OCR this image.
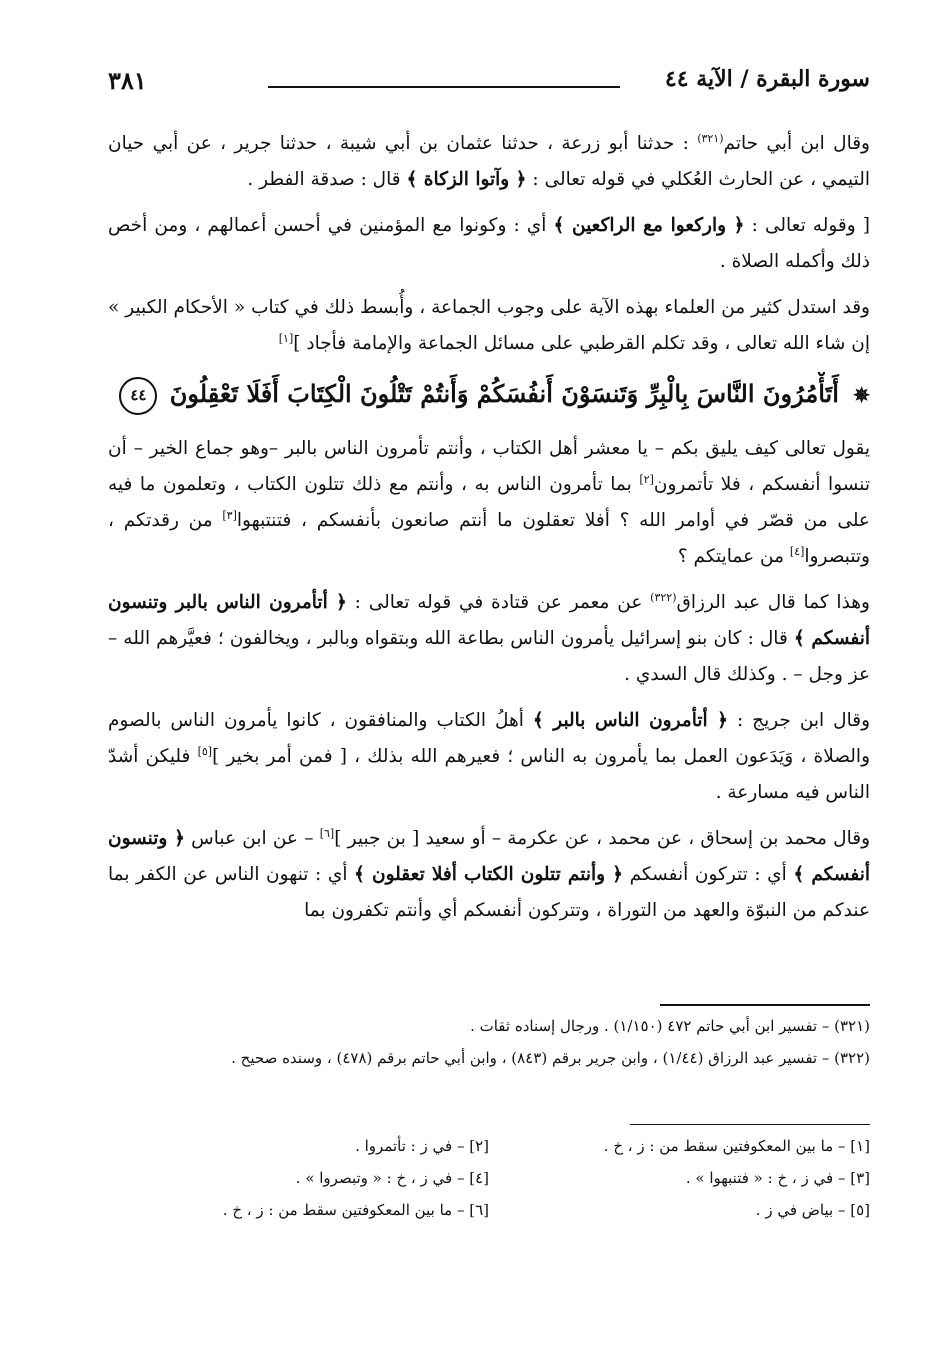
٣٨١	سورة البقرة / الآية ٤٤

وقال ابن أبي حاتم$^{(٣٢١)}$ : حدثنا أبو زرعة ، حدثنا عثمان بن أبي شيبة ، حدثنا جرير ، عن أبي حيان التيمي ، عن الحارث العُكلي في قوله تعالى : ﴿ وآتوا الزكاة ﴾ قال : صدقة الفطر .

[ وقوله تعالى : ﴿ واركعوا مع الراكعين ﴾ أي : وكونوا مع المؤمنين في أحسن أعمالهم ، ومن أخص ذلك وأكمله الصلاة .

وقد استدل كثير من العلماء بهذه الآية على وجوب الجماعة ، وأُبسط ذلك في كتاب « الأحكام الكبير » إن شاء الله تعالى ، وقد تكلم القرطبي على مسائل الجماعة والإمامة فأجاد ][١]

✵ أَتَأْمُرُونَ النَّاسَ بِالْبِرِّ وَتَنسَوْنَ أَنفُسَكُمْ وَأَنتُمْ تَتْلُونَ الْكِتَابَ أَفَلَا تَعْقِلُونَ ٤٤

يقول تعالى كيف يليق بكم – يا معشر أهل الكتاب ، وأنتم تأمرون الناس بالبر –وهو جماع الخير – أن تنسوا أنفسكم ، فلا تأتمرون[٢] بما تأمرون الناس به ، وأنتم مع ذلك تتلون الكتاب ، وتعلمون ما فيه على من قصّر في أوامر الله ؟ أفلا تعقلون ما أنتم صانعون بأنفسكم ، فتنتبهوا[٣] من رقدتكم ، وتتبصروا[٤] من عمايتكم ؟

وهذا كما قال عبد الرزاق$^{(٣٢٢)}$ عن معمر عن قتادة في قوله تعالى : ﴿ أتأمرون الناس بالبر وتنسون أنفسكم ﴾ قال : كان بنو إسرائيل يأمرون الناس بطاعة الله وبتقواه وبالبر ، ويخالفون ؛ فعيَّرهم الله – عز وجل – . وكذلك قال السدي .

وقال ابن جريج : ﴿ أتأمرون الناس بالبر ﴾ أهلُ الكتاب والمنافقون ، كانوا يأمرون الناس بالصوم والصلاة ، وَيَدَعون العمل بما يأمرون به الناس ؛ فعيرهم الله بذلك ، [ فمن أمر بخير ][٥] فليكن أشدّ الناس فيه مسارعة .

وقال محمد بن إسحاق ، عن محمد ، عن عكرمة – أو سعيد [ بن جبير ][٦] – عن ابن عباس ﴿ وتنسون أنفسكم ﴾ أي : تتركون أنفسكم ﴿ وأنتم تتلون الكتاب أفلا تعقلون ﴾ أي : تنهون الناس عن الكفر بما عندكم من النبوّة والعهد من التوراة ، وتتركون أنفسكم أي وأنتم تكفرون بما

(٣٢١) – تفسير ابن أبي حاتم ٤٧٢ (١/١٥٠) . ورجال إسناده ثقات .
(٣٢٢) – تفسير عبد الرزاق (١/٤٤) ، وابن جرير برقم (٨٤٣) ، وابن أبي حاتم برقم (٤٧٨) ، وسنده صحيح .
[١] – ما بين المعكوفتين سقط من : ز ، خ .
[٢] – في ز : تأتمروا .
[٣] – في ز ، خ : « فتنبهوا » .
[٤] – في ز ، خ : « وتبصروا » .
[٥] – بياض في ز .
[٦] – ما بين المعكوفتين سقط من : ز ، خ .
